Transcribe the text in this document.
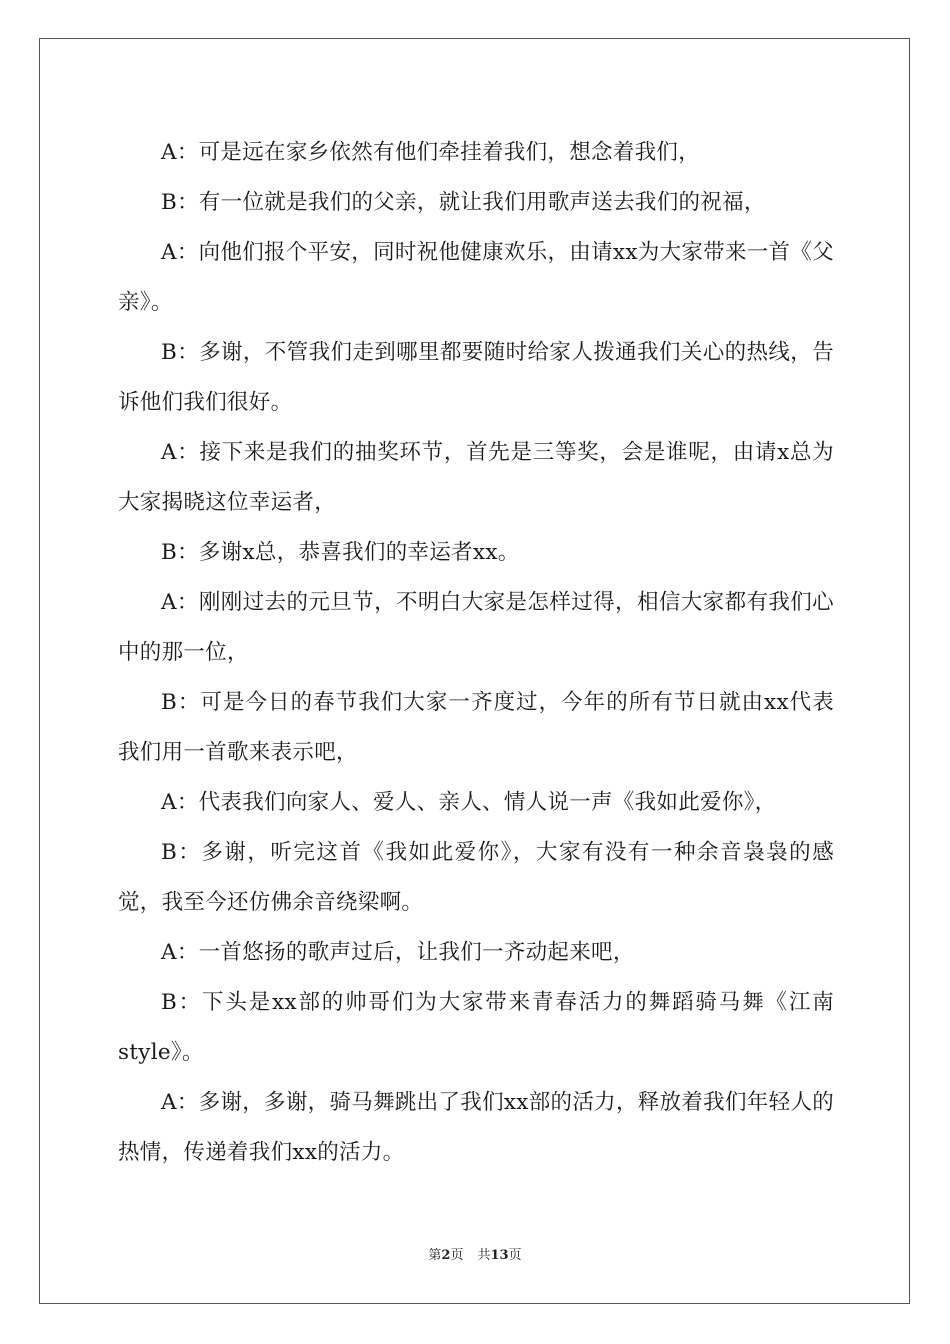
A：可是远在家乡依然有他们牵挂着我们，想念着我们，

B：有一位就是我们的父亲，就让我们用歌声送去我们的祝福，

A：向他们报个平安，同时祝他健康欢乐，由请xx为大家带来一首《父亲》。

B：多谢，不管我们走到哪里都要随时给家人拨通我们关心的热线，告诉他们我们很好。

A：接下来是我们的抽奖环节，首先是三等奖，会是谁呢，由请x总为大家揭晓这位幸运者，

B：多谢x总，恭喜我们的幸运者xx。

A：刚刚过去的元旦节，不明白大家是怎样过得，相信大家都有我们心中的那一位，

B：可是今日的春节我们大家一齐度过，今年的所有节日就由xx代表我们用一首歌来表示吧，

A：代表我们向家人、爱人、亲人、情人说一声《我如此爱你》，

B：多谢，听完这首《我如此爱你》，大家有没有一种余音袅袅的感觉，我至今还仿佛余音绕梁啊。

A：一首悠扬的歌声过后，让我们一齐动起来吧，

B：下头是xx部的帅哥们为大家带来青春活力的舞蹈骑马舞《江南style》。

A：多谢，多谢，骑马舞跳出了我们xx部的活力，释放着我们年轻人的热情，传递着我们xx的活力。

第2页 共13页
